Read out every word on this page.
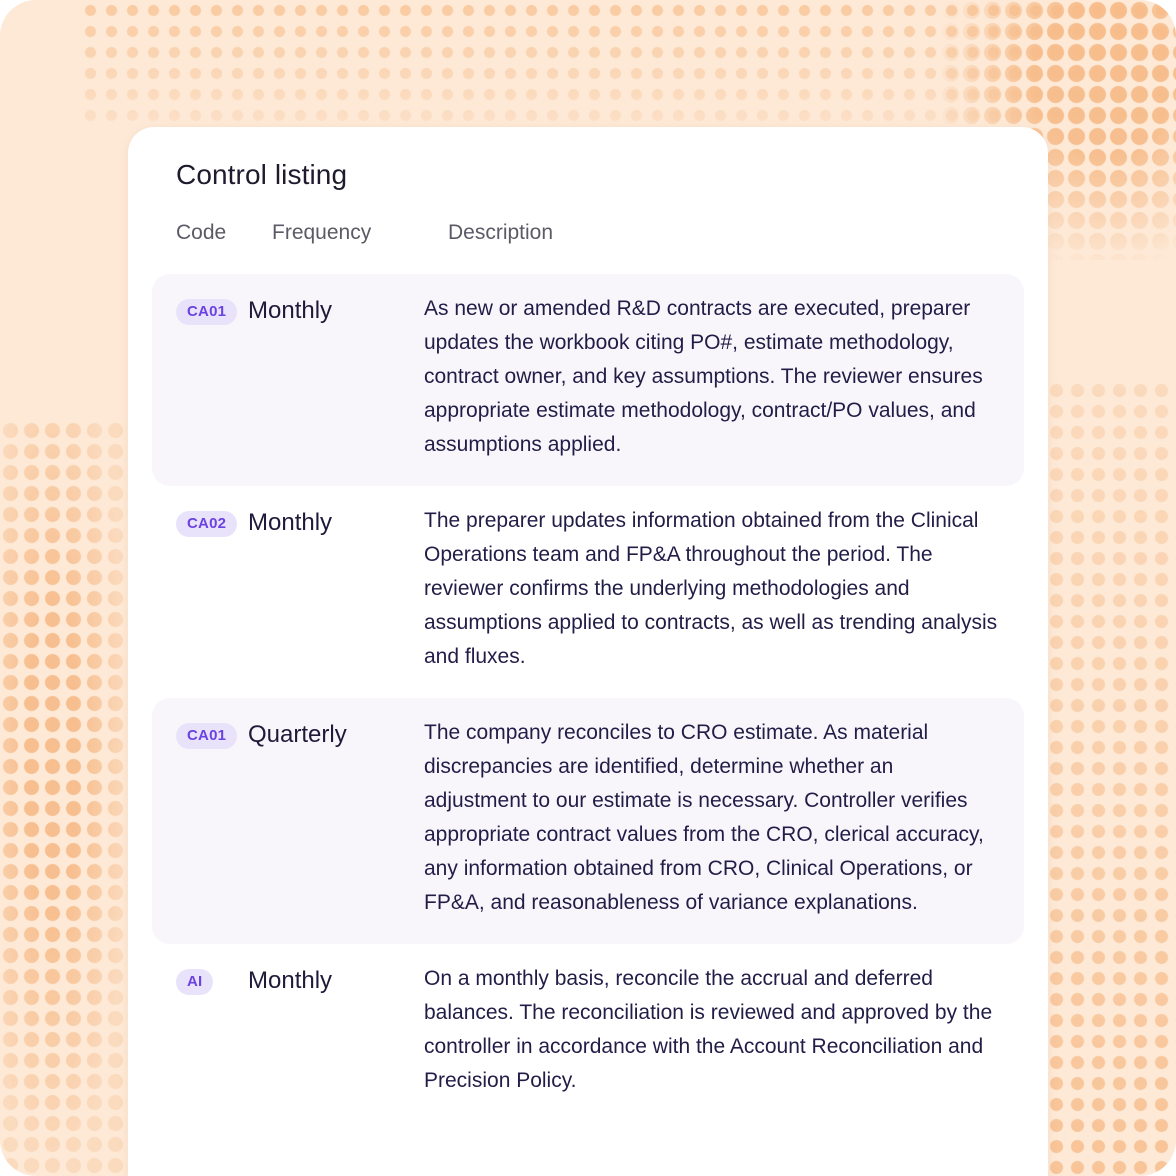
Control listing
Code Frequency	Description
CA01 Monthly	As new or amended R&D contracts are executed, preparer updates the workbook citing PO#, estimate methodology, contract owner, and key assumptions. The reviewer ensures appropriate estimate methodology, contract/PO values, and assumptions applied.
CA02 Monthly	The preparer updates information obtained from the Clinical Operations team and FP&A throughout the period. The reviewer confirms the underlying methodologies and assumptions applied to contracts, as well as trending analysis and fluxes.
CA01 Quarterly	The company reconciles to CRO estimate. As material discrepancies are identified, determine whether an adjustment to our estimate is necessary. Controller verifies appropriate contract values from the CRO, clerical accuracy, any information obtained from CRO, Clinical Operations, or FP&A, and reasonableness of variance explanations.
AI	Monthly	On a monthly basis, reconcile the accrual and deferred balances. The reconciliation is reviewed and approved by the controller in accordance with the Account Reconciliation and Precision Policy.
